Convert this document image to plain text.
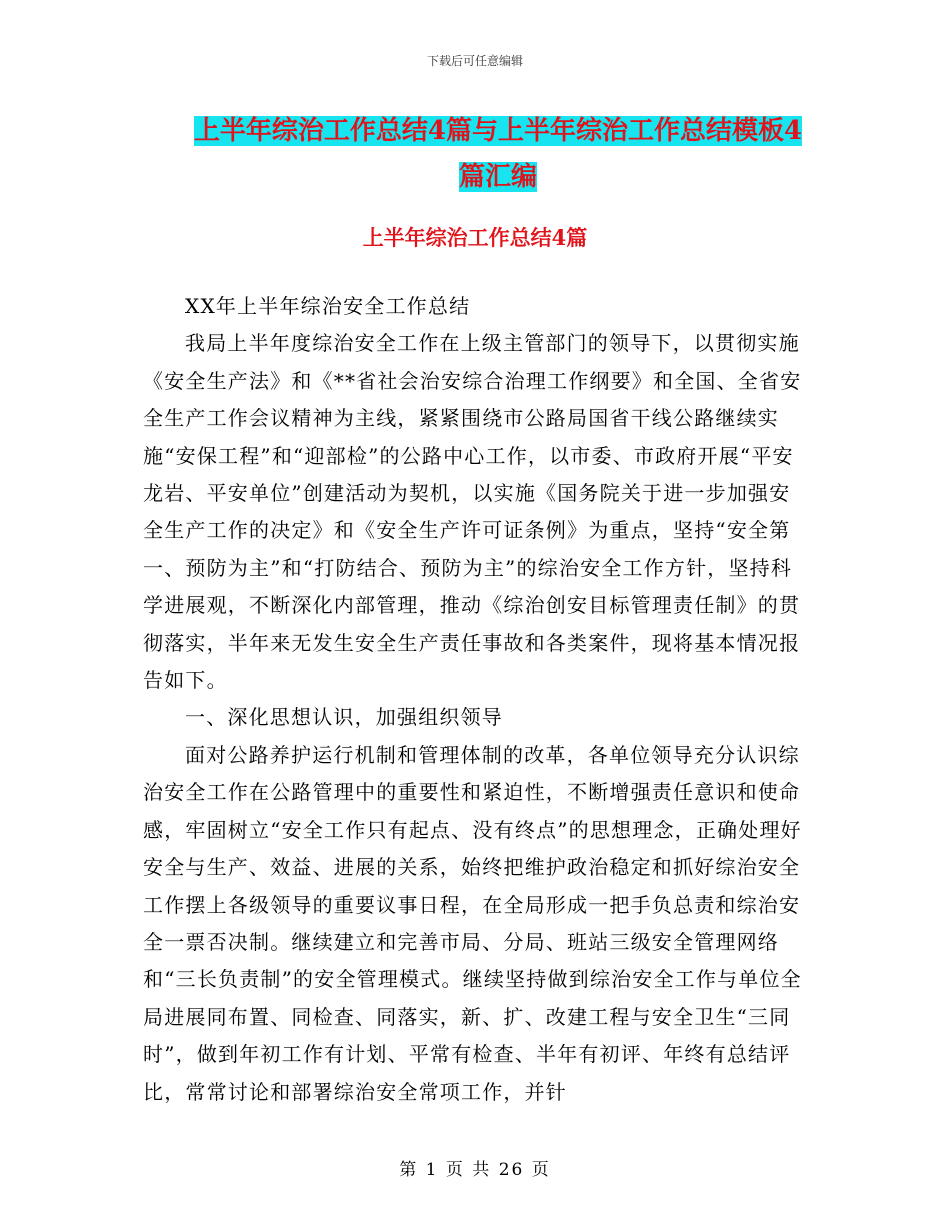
下载后可任意编辑
上半年综治工作总结4篇与上半年综治工作总结模板4
篇汇编
上半年综治工作总结4篇

XX年上半年综治安全工作总结

我局上半年度综治安全工作在上级主管部门的领导下，以贯彻实施《安全生产法》和《**省社会治安综合治理工作纲要》和全国、全省安全生产工作会议精神为主线，紧紧围绕市公路局国省干线公路继续实施“安保工程”和“迎部检”的公路中心工作，以市委、市政府开展“平安龙岩、平安单位”创建活动为契机，以实施《国务院关于进一步加强安全生产工作的决定》和《安全生产许可证条例》为重点，坚持“安全第一、预防为主”和“打防结合、预防为主”的综治安全工作方针，坚持科学进展观，不断深化内部管理，推动《综治创安目标管理责任制》的贯彻落实，半年来无发生安全生产责任事故和各类案件，现将基本情况报告如下。

一、深化思想认识，加强组织领导

面对公路养护运行机制和管理体制的改革，各单位领导充分认识综治安全工作在公路管理中的重要性和紧迫性，不断增强责任意识和使命感，牢固树立“安全工作只有起点、没有终点”的思想理念，正确处理好安全与生产、效益、进展的关系，始终把维护政治稳定和抓好综治安全工作摆上各级领导的重要议事日程，在全局形成一把手负总责和综治安全一票否决制。继续建立和完善市局、分局、班站三级安全管理网络和“三长负责制”的安全管理模式。继续坚持做到综治安全工作与单位全局进展同布置、同检查、同落实，新、扩、改建工程与安全卫生“三同时”，做到年初工作有计划、平常有检查、半年有初评、年终有总结评比，常常讨论和部署综治安全常项工作，并针

第 1 页 共 26 页
